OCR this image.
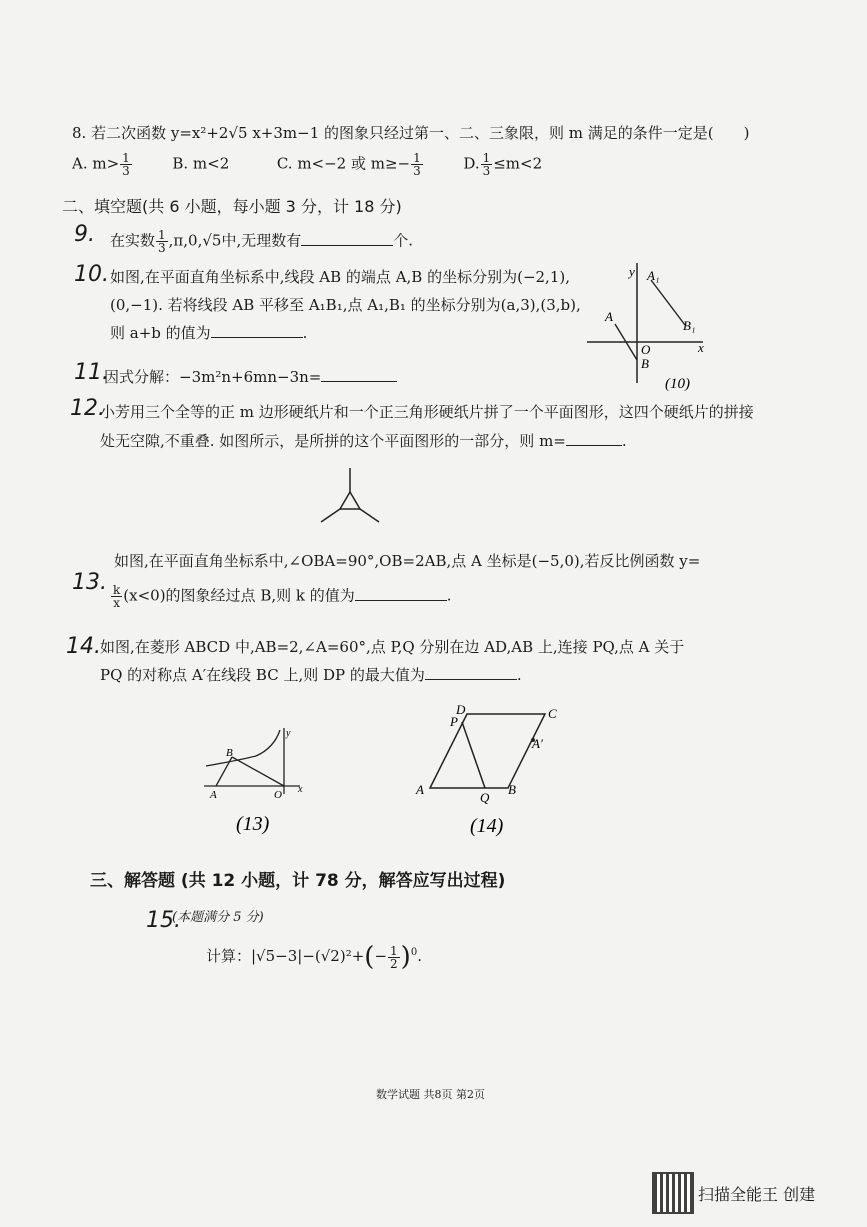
8. 若二次函数 y=x²+2√5 x+3m−1 的图象只经过第一、二、三象限，则 m 满足的条件一定是(　　)
A. $m> \frac{1}{3}$	B. m<2	C. m<−2 或 $m\ge- \frac{1}{3}$	D. $\frac{1}{3} \le m<2$
二、填空题(共 6 小题，每小题 3 分，计 18 分)
9. 在实数 $\frac{1}{3} ,\pi,0,√5$中,无理数有	个.
10. 如图,在平面直角坐标系中,线段 AB 的端点 A,B 的坐标分别为(−2,1),
(0,−1). 若将线段 AB 平移至 A₁B₁,点 A₁,B₁ 的坐标分别为(a,3),(3,b),
则 a+b 的值为	.
y
x
A₁
B₁
A
O
B
(10)
11.
因式分解：−3m²n+6mn−3n=
12.
小芳用三个全等的正 m 边形硬纸片和一个正三角形硬纸片拼了一个平面图形，这四个硬纸片的拼接
处无空隙,不重叠. 如图所示，是所拼的这个平面图形的一部分，则 m=	.
如图,在平面直角坐标系中,∠OBA=90°,OB=2AB,点 A 坐标是(−5,0),若反比例函数 y=
13.
$\frac{k}{x} (x<0)$的图象经过点 B,则 k 的值为	.
14. 如图,在菱形 ABCD 中,AB=2,∠A=60°,点 P,Q 分别在边 AD,AB 上,连接 PQ,点 A 关于
PQ 的对称点 A′在线段 BC 上,则 DP 的最大值为	.
y
x
B
A	O
(13)
D
P
C
A′
A
Q
B
(14)
三、解答题 (共 12 小题，计 78 分，解答应写出过程)
15.
(本题满分 5 分)
计算：$|√5-3|-(√2)^2+(- \frac{1}{2} )^0$.
数学试题 共8页 第2页
扫描全能王 创建
